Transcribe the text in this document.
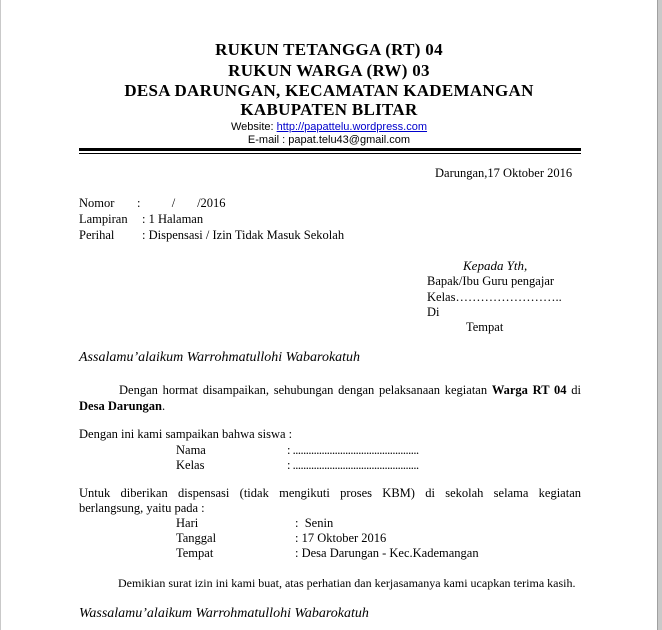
RUKUN TETANGGA (RT) 04
RUKUN WARGA (RW) 03
DESA DARUNGAN, KECAMATAN KADEMANGAN
KABUPATEN BLITAR
Website: http://papattelu.wordpress.com
E-mail : papat.telu43@gmail.com
Darungan,17 Oktober 2016
Nomor :          /       /2016
Lampiran : 1 Halaman
Perihal : Dispensasi / Izin Tidak Masuk Sekolah
Kepada Yth,
Bapak/Ibu Guru pengajar
Kelas……………………..
Di
Tempat
Assalamu’alaikum Warrohmatullohi Wabarokatuh
Dengan hormat disampaikan, sehubungan dengan pelaksanaan kegiatan Warga RT 04 di Desa Darungan.
Dengan ini kami sampaikan bahwa siswa :
Nama	: ................................................
Kelas	: ................................................
Untuk diberikan dispensasi (tidak mengikuti proses KBM) di sekolah selama kegiatan
berlangsung, yaitu pada :
Hari	:  Senin
Tanggal	: 17 Oktober 2016
Tempat	: Desa Darungan - Kec.Kademangan
Demikian surat izin ini kami buat, atas perhatian dan kerjasamanya kami ucapkan terima kasih.
Wassalamu’alaikum Warrohmatullohi Wabarokatuh
